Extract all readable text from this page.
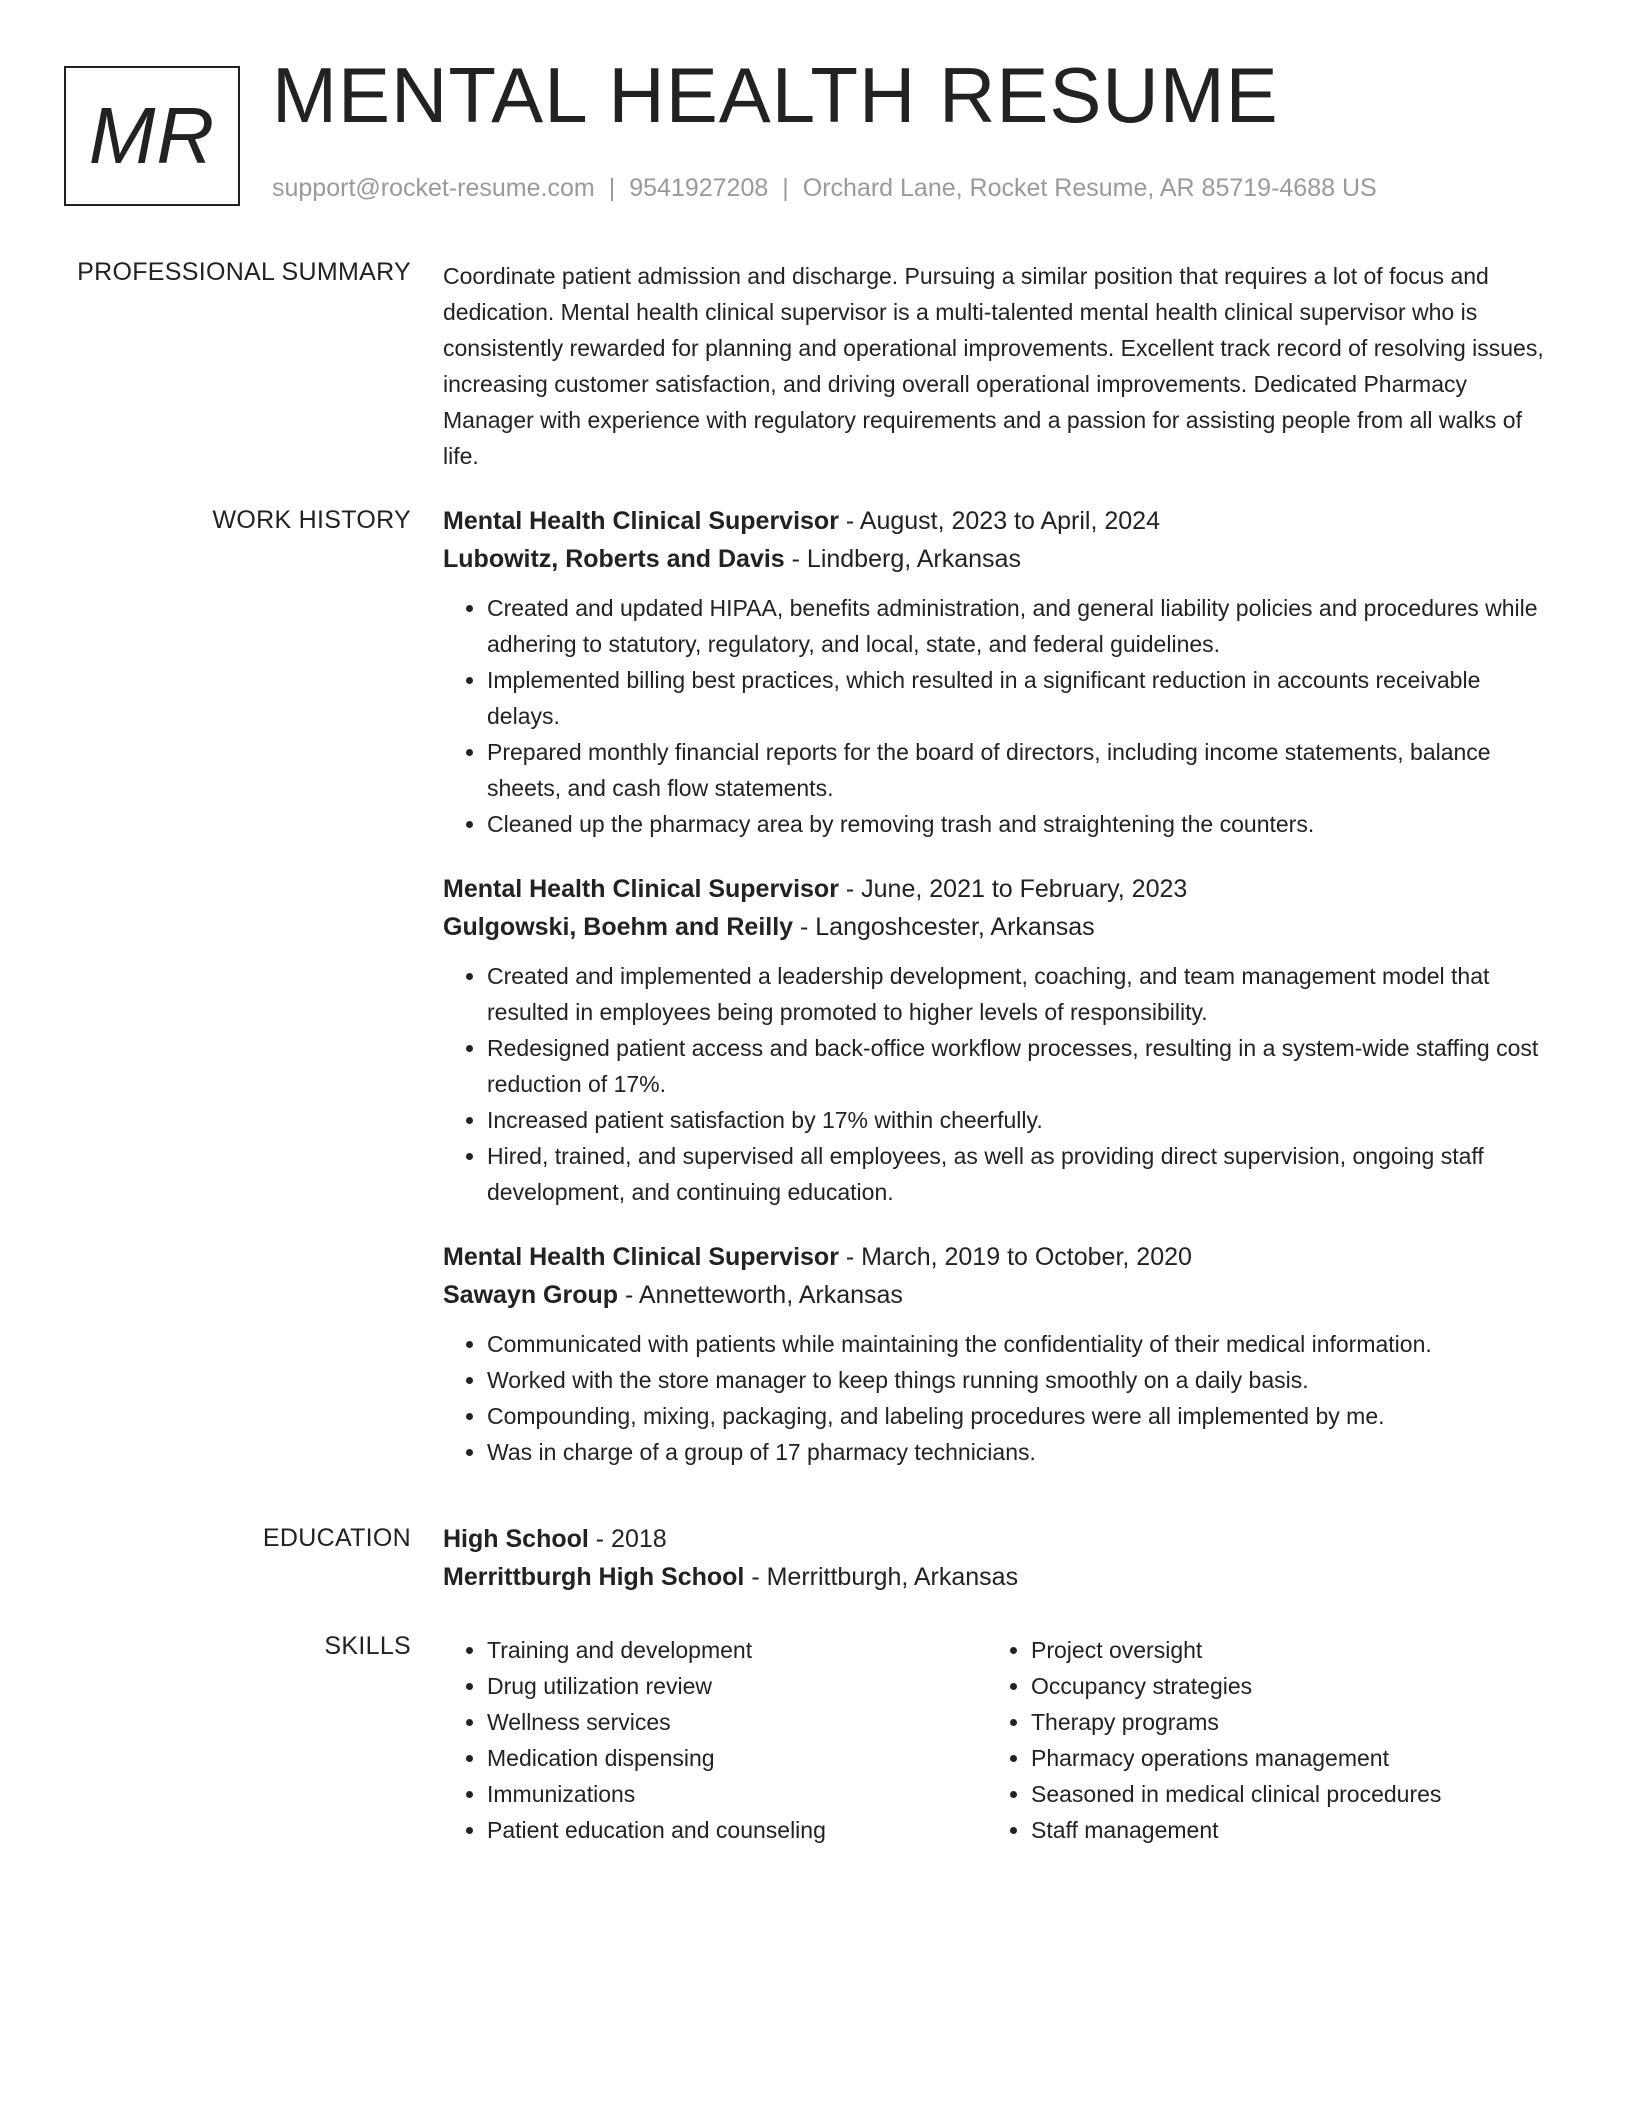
MR MENTAL HEALTH RESUME
support@rocket-resume.com | 9541927208 | Orchard Lane, Rocket Resume, AR 85719-4688 US
PROFESSIONAL SUMMARY Coordinate patient admission and discharge. Pursuing a similar position that requires a lot of focus and dedication. Mental health clinical supervisor is a multi-talented mental health clinical supervisor who is consistently rewarded for planning and operational improvements. Excellent track record of resolving issues, increasing customer satisfaction, and driving overall operational improvements. Dedicated Pharmacy Manager with experience with regulatory requirements and a passion for assisting people from all walks of life.

WORK HISTORY Mental Health Clinical Supervisor - August, 2023 to April, 2024
Lubowitz, Roberts and Davis - Lindberg, Arkansas
• Created and updated HIPAA, benefits administration, and general liability policies and procedures while adhering to statutory, regulatory, and local, state, and federal guidelines.
• Implemented billing best practices, which resulted in a significant reduction in accounts receivable delays.
• Prepared monthly financial reports for the board of directors, including income statements, balance sheets, and cash flow statements.
• Cleaned up the pharmacy area by removing trash and straightening the counters.
Mental Health Clinical Supervisor - June, 2021 to February, 2023
Gulgowski, Boehm and Reilly - Langoshcester, Arkansas
• Created and implemented a leadership development, coaching, and team management model that resulted in employees being promoted to higher levels of responsibility.
• Redesigned patient access and back-office workflow processes, resulting in a system-wide staffing cost reduction of 17%.
• Increased patient satisfaction by 17% within cheerfully.
• Hired, trained, and supervised all employees, as well as providing direct supervision, ongoing staff development, and continuing education.
Mental Health Clinical Supervisor - March, 2019 to October, 2020
Sawayn Group - Annetteworth, Arkansas
• Communicated with patients while maintaining the confidentiality of their medical information.
• Worked with the store manager to keep things running smoothly on a daily basis.
• Compounding, mixing, packaging, and labeling procedures were all implemented by me.
• Was in charge of a group of 17 pharmacy technicians.
EDUCATION High School - 2018
Merrittburgh High School - Merrittburgh, Arkansas
SKILLS
•	Training and development
• Drug utilization review
• Wellness services
• Medication dispensing
• Immunizations
• Patient education and counseling
• Project oversight
• Occupancy strategies
• Therapy programs
• Pharmacy operations management
• Seasoned in medical clinical procedures
• Staff management
